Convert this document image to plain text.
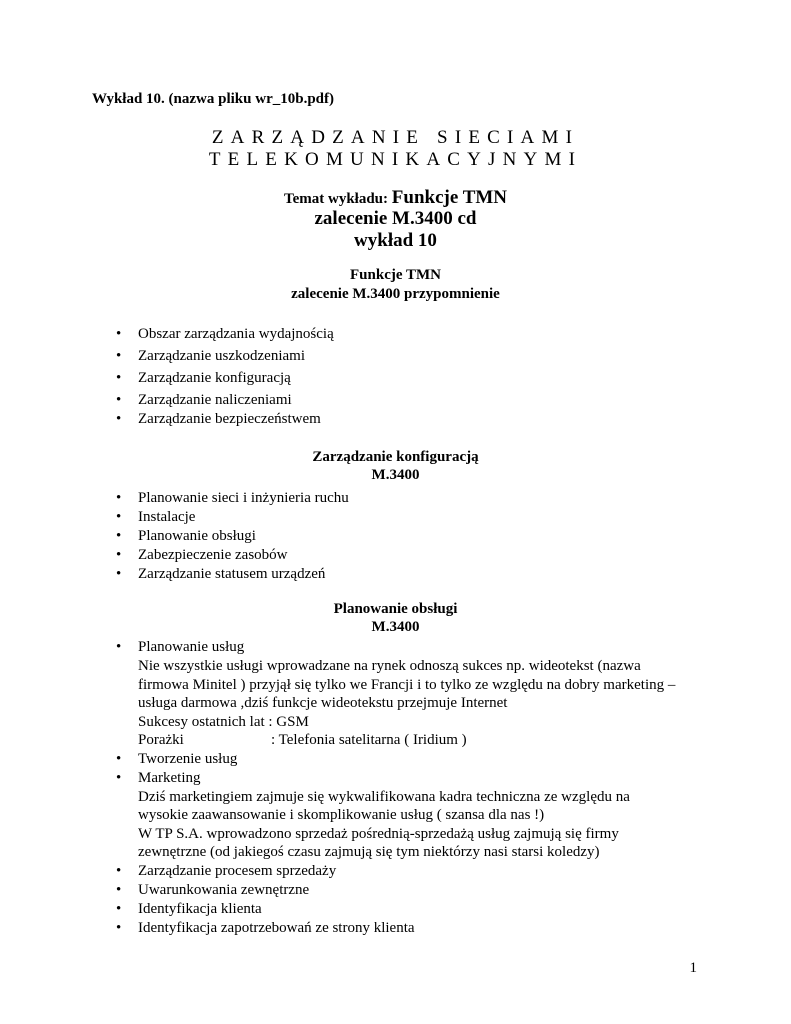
Wykład 10. (nazwa pliku wr_10b.pdf)
ZARZĄDZANIE SIECIAMI
TELEKOMUNIKACYJNYMI
Temat wykładu: Funkcje TMN
zalecenie M.3400 cd
wykład 10
Funkcje TMN
zalecenie M.3400 przypomnienie
• Obszar zarządzania wydajnością
• Zarządzanie uszkodzeniami
• Zarządzanie konfiguracją
• Zarządzanie naliczeniami
• Zarządzanie bezpieczeństwem
Zarządzanie konfiguracją
M.3400
• Planowanie sieci i inżynieria ruchu
• Instalacje
• Planowanie obsługi
• Zabezpieczenie zasobów
• Zarządzanie statusem urządzeń
Planowanie obsługi
M.3400
• Planowanie usług
Nie wszystkie usługi wprowadzane na rynek odnoszą sukces np. wideotekst (nazwa
firmowa Minitel ) przyjął się tylko we Francji i to tylko ze względu na dobry marketing –
usługa darmowa ,dziś funkcje wideotekstu przejmuje Internet
Sukcesy ostatnich lat : GSM
Porażki	: Telefonia satelitarna ( Iridium )
• Tworzenie usług
• Marketing
Dziś marketingiem zajmuje się wykwalifikowana kadra techniczna ze względu na
wysokie zaawansowanie i skomplikowanie usług ( szansa dla nas !)
W TP S.A. wprowadzono sprzedaż pośrednią-sprzedażą usług zajmują się firmy
zewnętrzne (od jakiegoś czasu zajmują się tym niektórzy nasi starsi koledzy)
• Zarządzanie procesem sprzedaży
• Uwarunkowania zewnętrzne
• Identyfikacja klienta
• Identyfikacja zapotrzebowań ze strony klienta
1
